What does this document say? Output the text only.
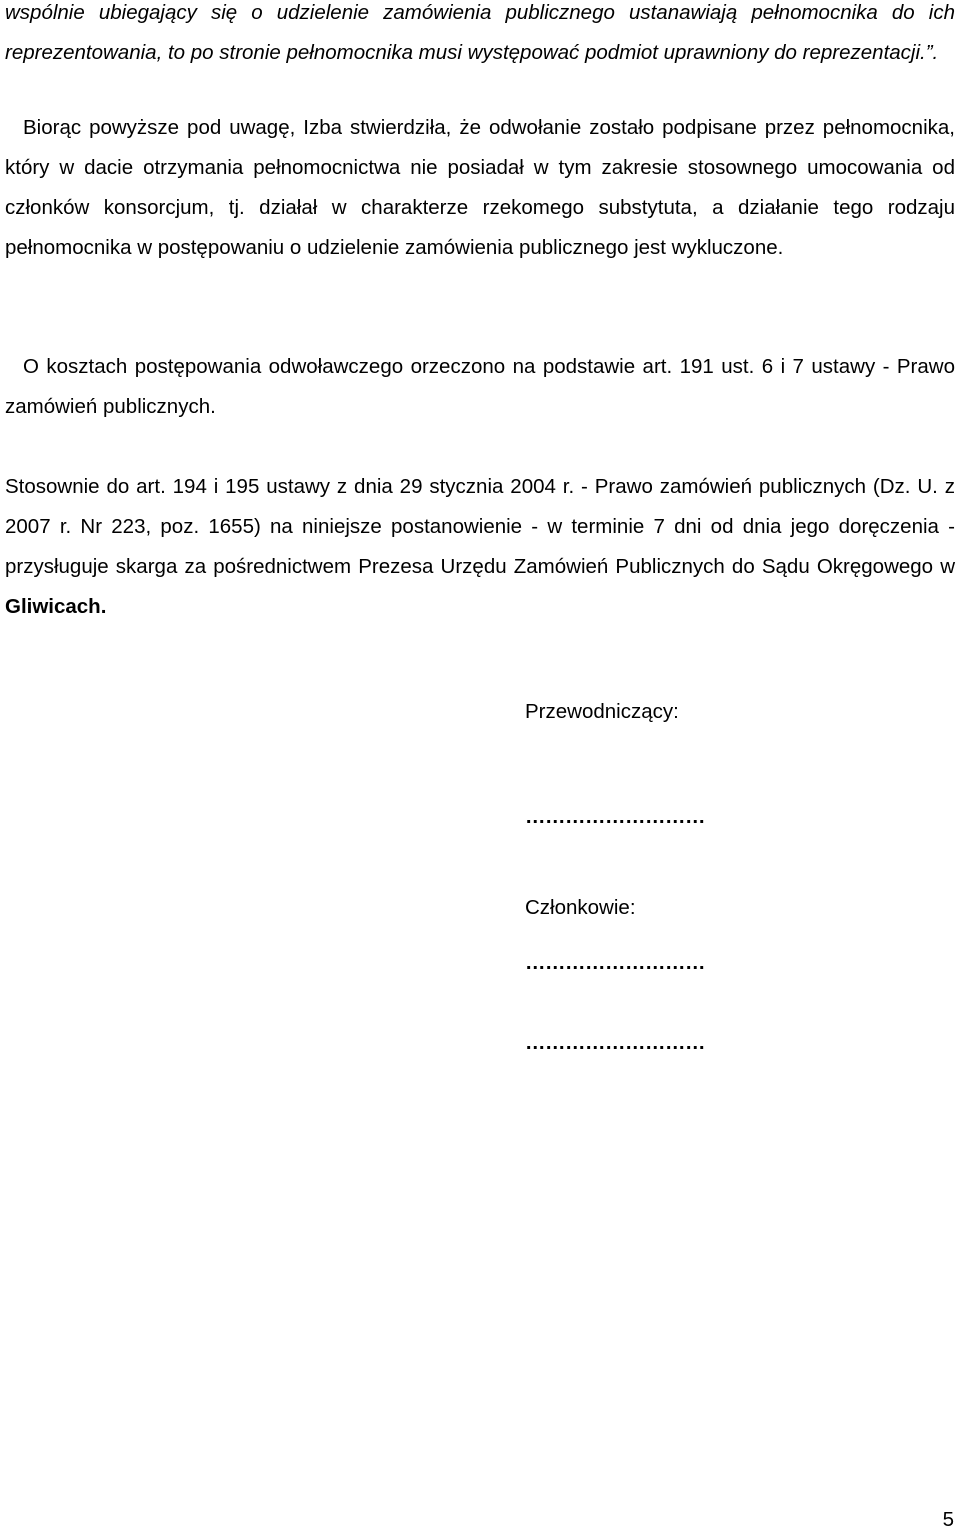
wspólnie ubiegający się o udzielenie zamówienia publicznego ustanawiają pełnomocnika do ich reprezentowania, to po stronie pełnomocnika musi występować podmiot uprawniony do reprezentacji.”.

Biorąc powyższe pod uwagę, Izba stwierdziła, że odwołanie zostało podpisane przez pełnomocnika, który w dacie otrzymania pełnomocnictwa nie posiadał w tym zakresie stosownego umocowania od członków konsorcjum, tj. działał w charakterze rzekomego substytuta, a działanie tego rodzaju pełnomocnika w postępowaniu o udzielenie zamówienia publicznego jest wykluczone.

O kosztach postępowania odwoławczego orzeczono na podstawie art. 191 ust. 6 i 7 ustawy - Prawo zamówień publicznych.

Stosownie do art. 194 i 195 ustawy z dnia 29 stycznia 2004 r. - Prawo zamówień publicznych (Dz. U. z 2007 r. Nr 223, poz. 1655) na niniejsze postanowienie - w terminie 7 dni od dnia jego doręczenia - przysługuje skarga za pośrednictwem Prezesa Urzędu Zamówień Publicznych do Sądu Okręgowego w Gliwicach.

Przewodniczący:

………………………

Członkowie:

………………………
………………………
5
